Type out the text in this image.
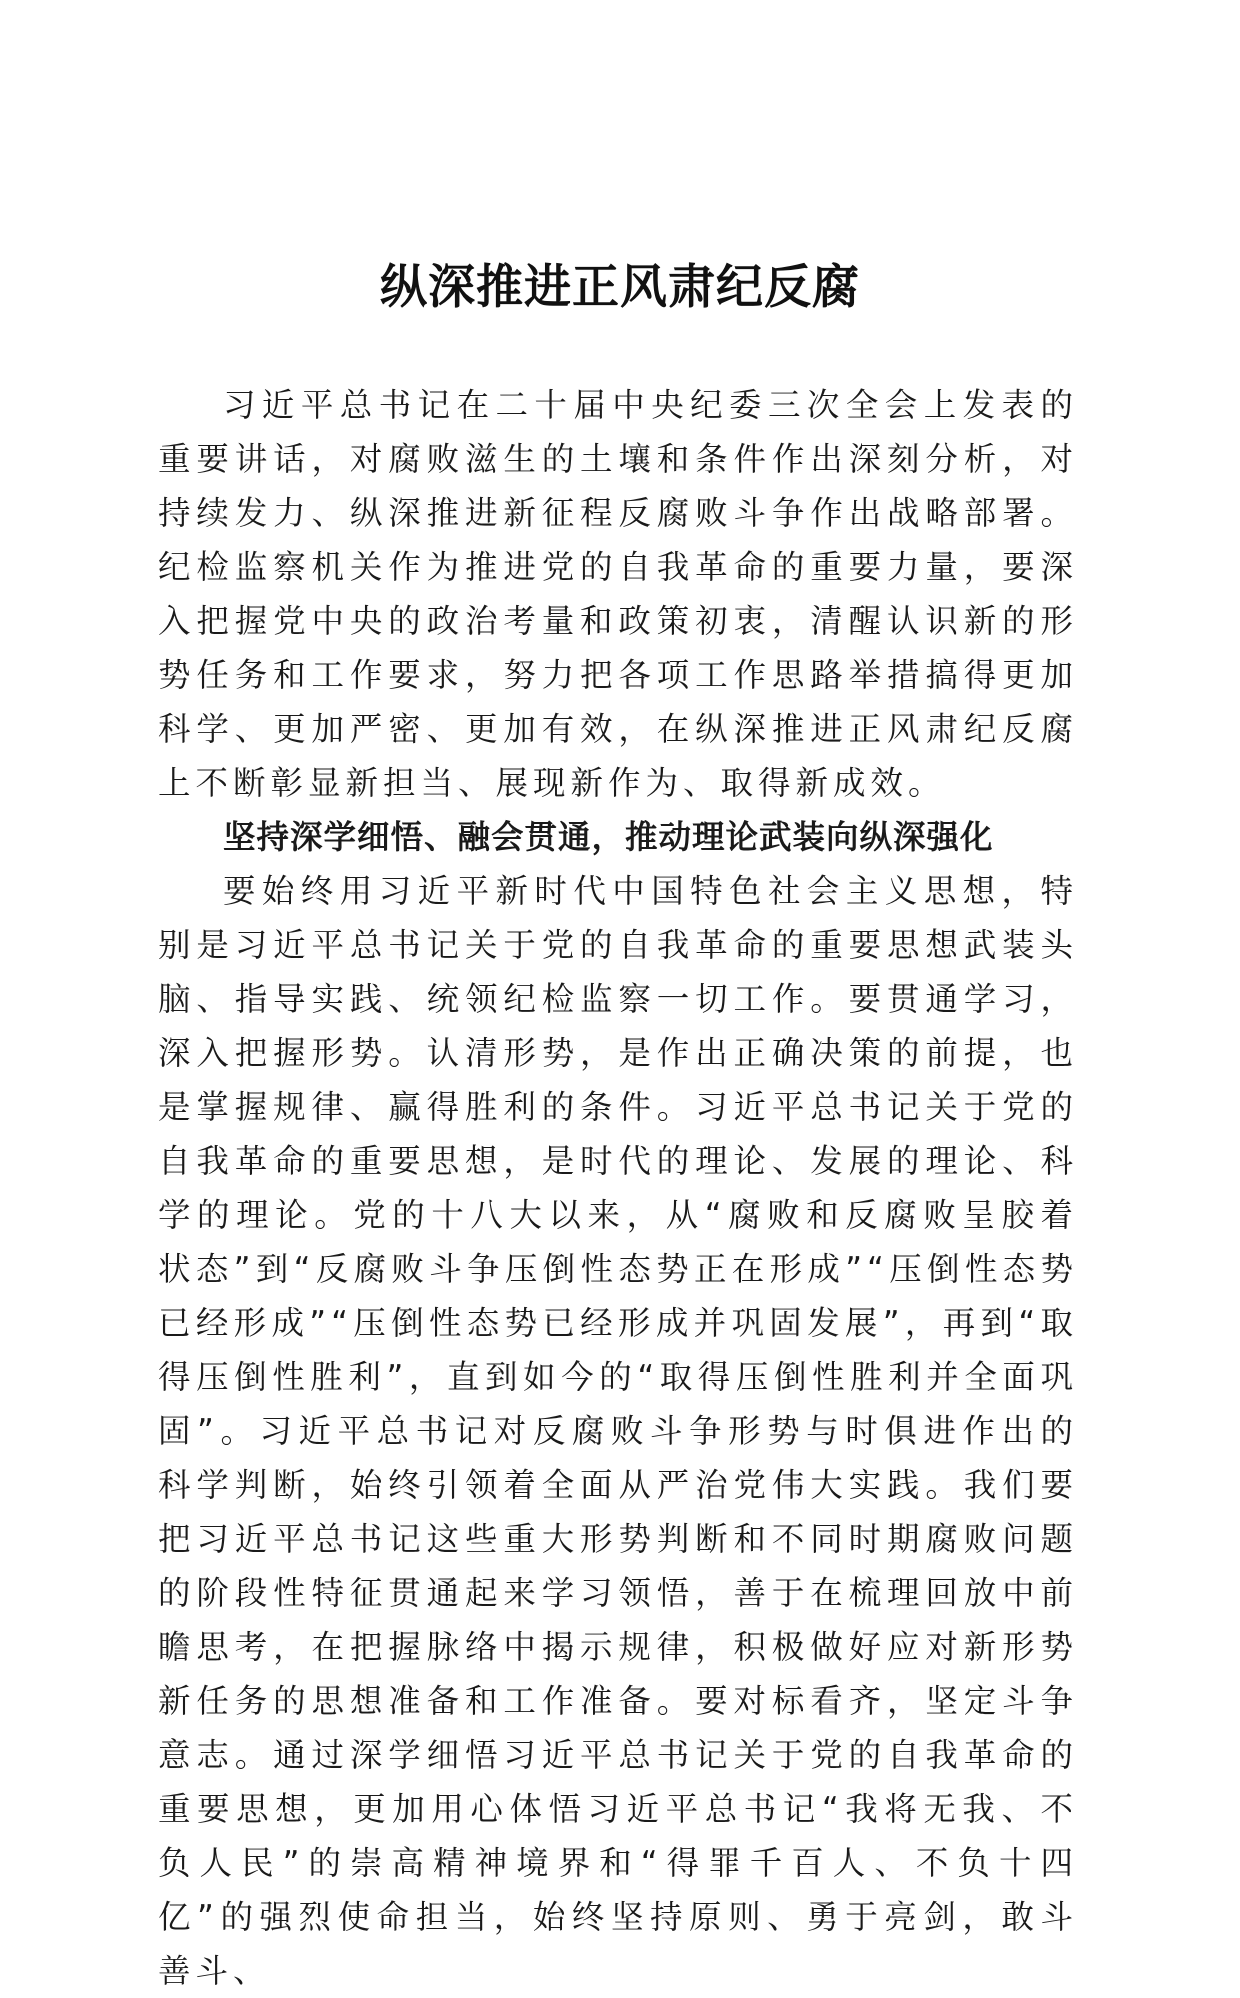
纵深推进正风肃纪反腐

习近平总书记在二十届中央纪委三次全会上发表的重要讲话，对腐败滋生的土壤和条件作出深刻分析，对持续发力、纵深推进新征程反腐败斗争作出战略部署。纪检监察机关作为推进党的自我革命的重要力量，要深入把握党中央的政治考量和政策初衷，清醒认识新的形势任务和工作要求，努力把各项工作思路举措搞得更加科学、更加严密、更加有效，在纵深推进正风肃纪反腐上不断彰显新担当、展现新作为、取得新成效。

坚持深学细悟、融会贯通，推动理论武装向纵深强化

要始终用习近平新时代中国特色社会主义思想，特别是习近平总书记关于党的自我革命的重要思想武装头脑、指导实践、统领纪检监察一切工作。要贯通学习，深入把握形势。认清形势，是作出正确决策的前提，也是掌握规律、赢得胜利的条件。习近平总书记关于党的自我革命的重要思想，是时代的理论、发展的理论、科学的理论。党的十八大以来，从“腐败和反腐败呈胶着状态”到“反腐败斗争压倒性态势正在形成”“压倒性态势已经形成”“压倒性态势已经形成并巩固发展”，再到“取得压倒性胜利”，直到如今的“取得压倒性胜利并全面巩固”。习近平总书记对反腐败斗争形势与时俱进作出的科学判断，始终引领着全面从严治党伟大实践。我们要把习近平总书记这些重大形势判断和不同时期腐败问题的阶段性特征贯通起来学习领悟，善于在梳理回放中前瞻思考，在把握脉络中揭示规律，积极做好应对新形势新任务的思想准备和工作准备。要对标看齐，坚定斗争意志。通过深学细悟习近平总书记关于党的自我革命的重要思想，更加用心体悟习近平总书记“我将无我、不负人民”的崇高精神境界和“得罪千百人、不负十四亿”的强烈使命担当，始终坚持原则、勇于亮剑，敢斗善斗、
